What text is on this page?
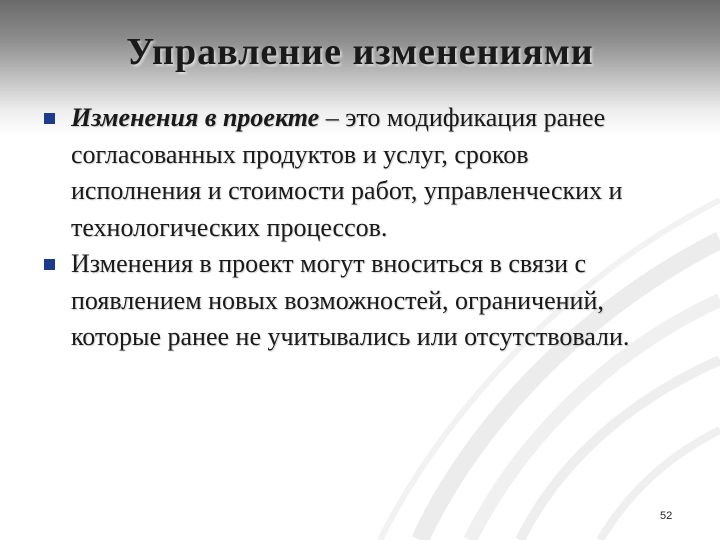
Управление изменениями
Изменения в проекте – это модификация ранее согласованных продуктов и услуг, сроков исполнения и стоимости работ, управленческих и технологических процессов.
Изменения в проект могут вноситься в связи с появлением новых возможностей, ограничений, которые ранее не учитывались или отсутствовали.
52
